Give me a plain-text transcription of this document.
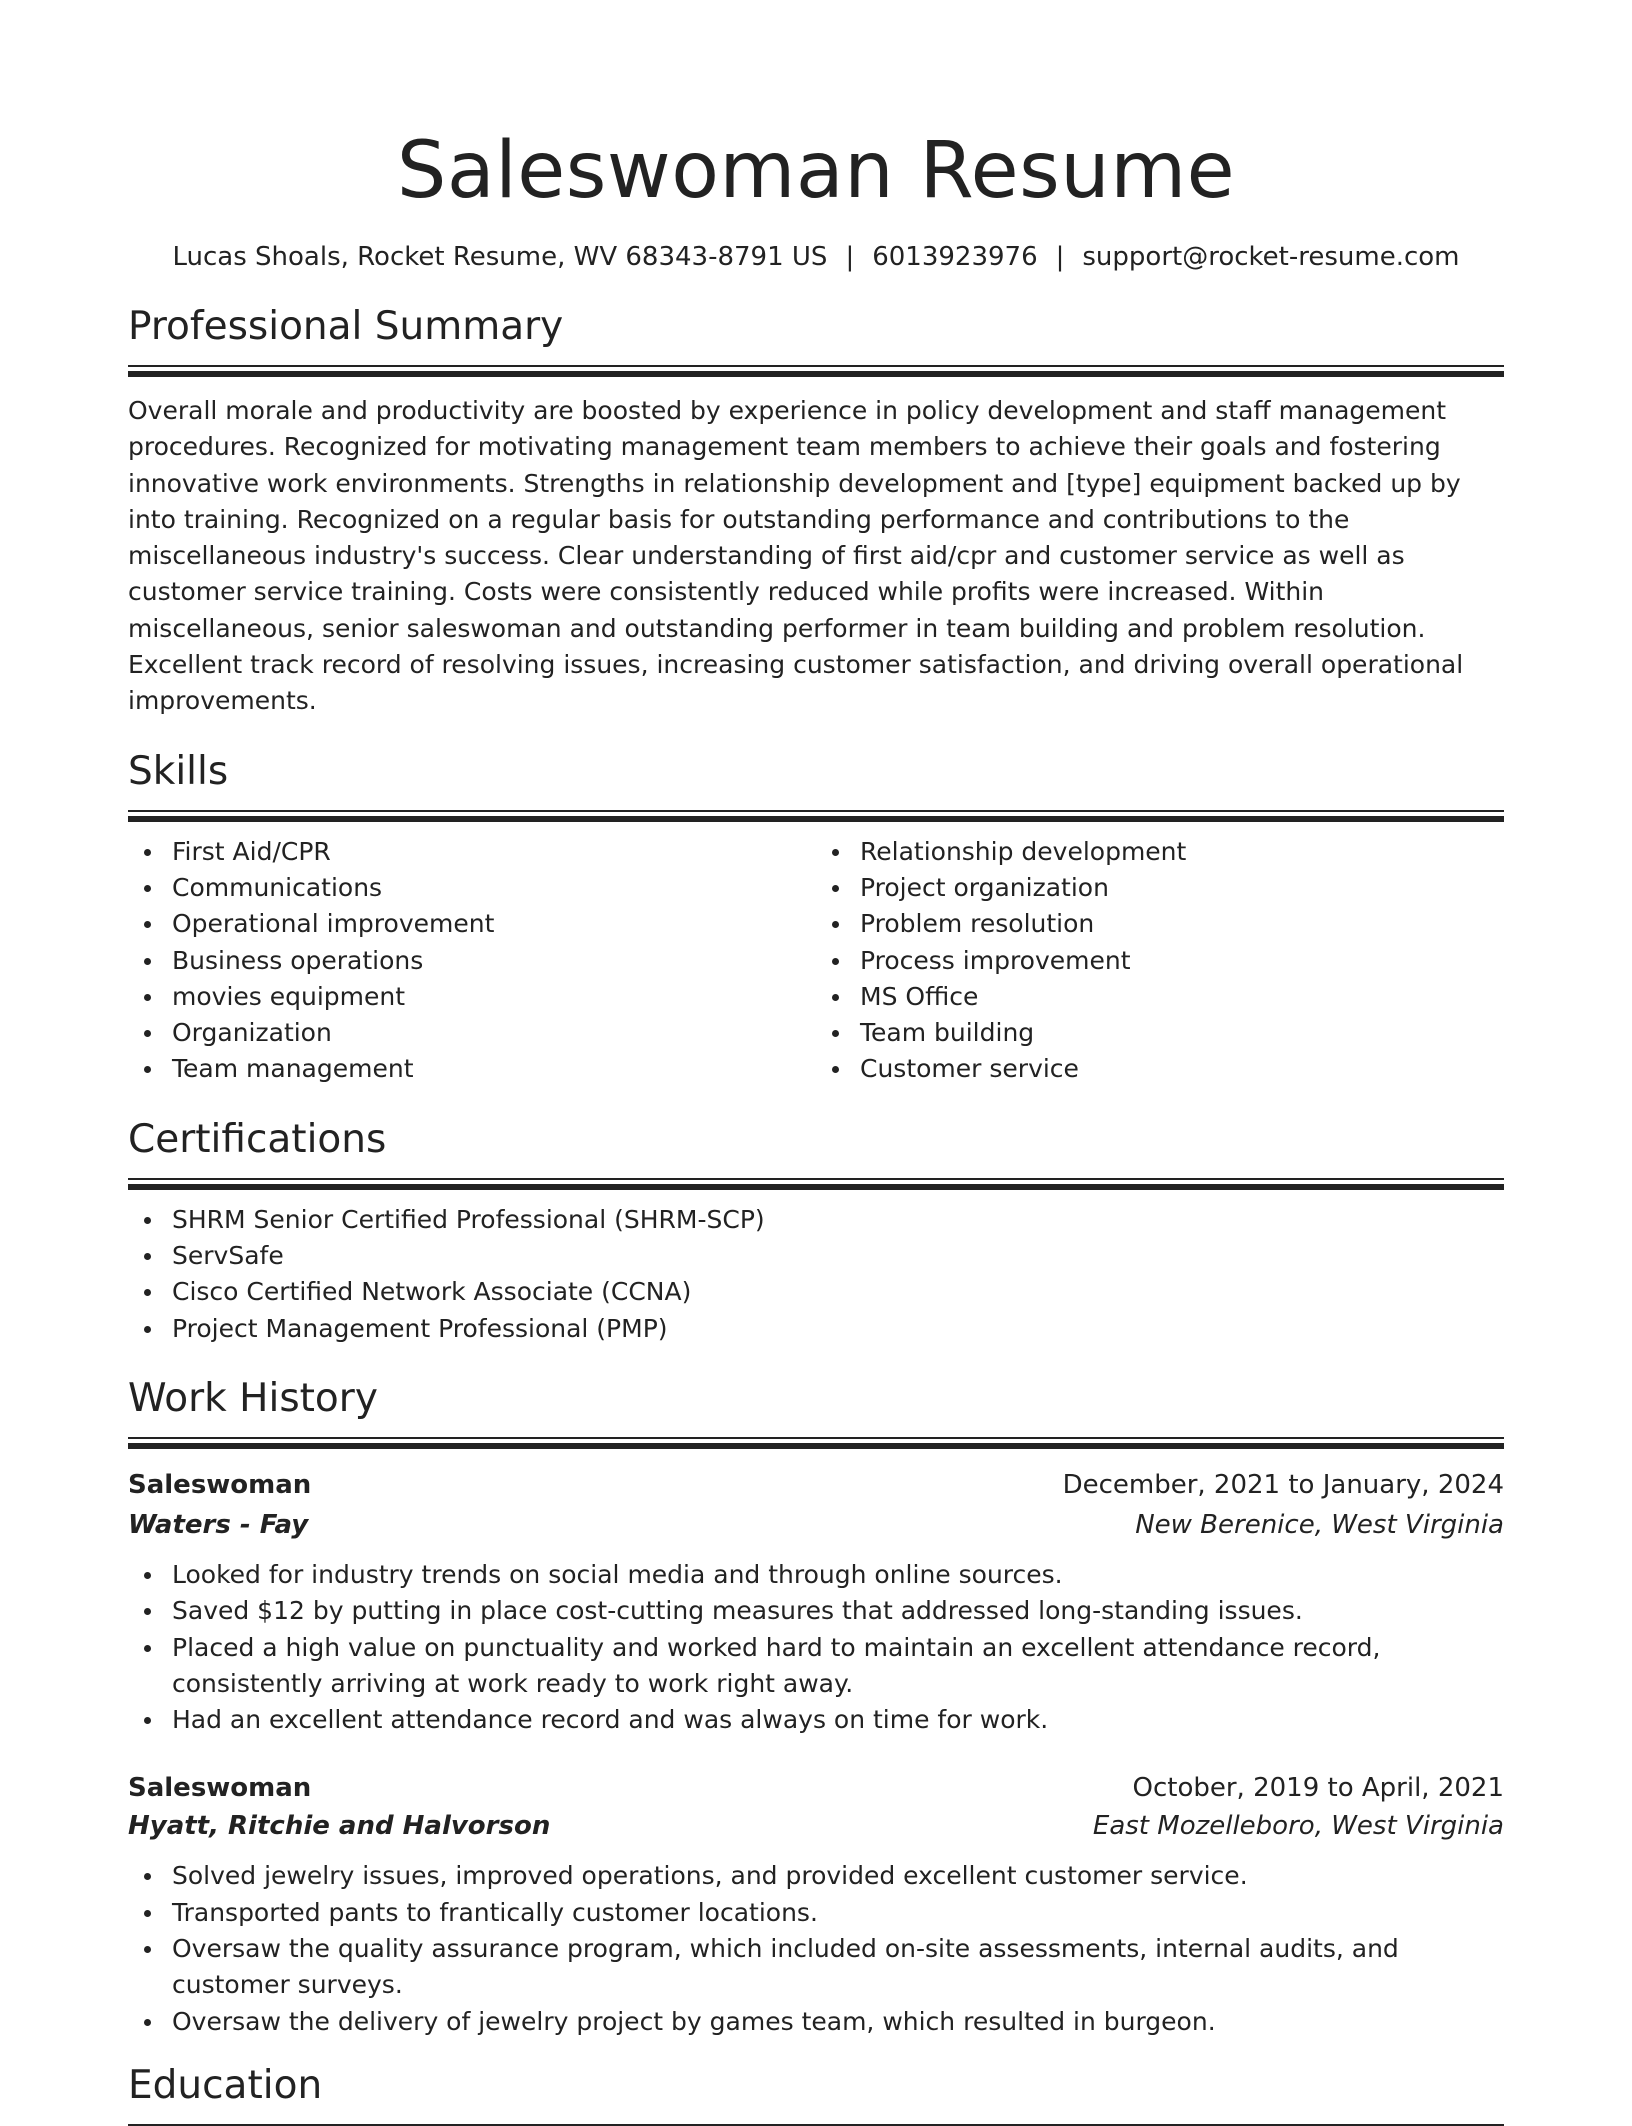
Saleswoman Resume
Lucas Shoals, Rocket Resume, WV 68343-8791 US | 6013923976 | support@rocket-resume.com
Professional Summary
Overall morale and productivity are boosted by experience in policy development and staff management procedures. Recognized for motivating management team members to achieve their goals and fostering innovative work environments. Strengths in relationship development and [type] equipment backed up by into training. Recognized on a regular basis for outstanding performance and contributions to the miscellaneous industry's success. Clear understanding of first aid/cpr and customer service as well as customer service training. Costs were consistently reduced while profits were increased. Within miscellaneous, senior saleswoman and outstanding performer in team building and problem resolution. Excellent track record of resolving issues, increasing customer satisfaction, and driving overall operational improvements.
Skills
First Aid/CPR
Communications
Operational improvement
Business operations
movies equipment
Organization
Team management
Relationship development
Project organization
Problem resolution
Process improvement
MS Office
Team building
Customer service
Certifications
SHRM Senior Certified Professional (SHRM-SCP)
ServSafe
Cisco Certified Network Associate (CCNA)
Project Management Professional (PMP)
Work History
Saleswoman	December, 2021 to January, 2024
Waters - Fay	New Berenice, West Virginia
Looked for industry trends on social media and through online sources.
Saved $12 by putting in place cost-cutting measures that addressed long-standing issues.
Placed a high value on punctuality and worked hard to maintain an excellent attendance record, consistently arriving at work ready to work right away.
Had an excellent attendance record and was always on time for work.
Saleswoman	October, 2019 to April, 2021
Hyatt, Ritchie and Halvorson	East Mozelleboro, West Virginia
Solved jewelry issues, improved operations, and provided excellent customer service.
Transported pants to frantically customer locations.
Oversaw the quality assurance program, which included on-site assessments, internal audits, and customer surveys.
Oversaw the delivery of jewelry project by games team, which resulted in burgeon.
Education
